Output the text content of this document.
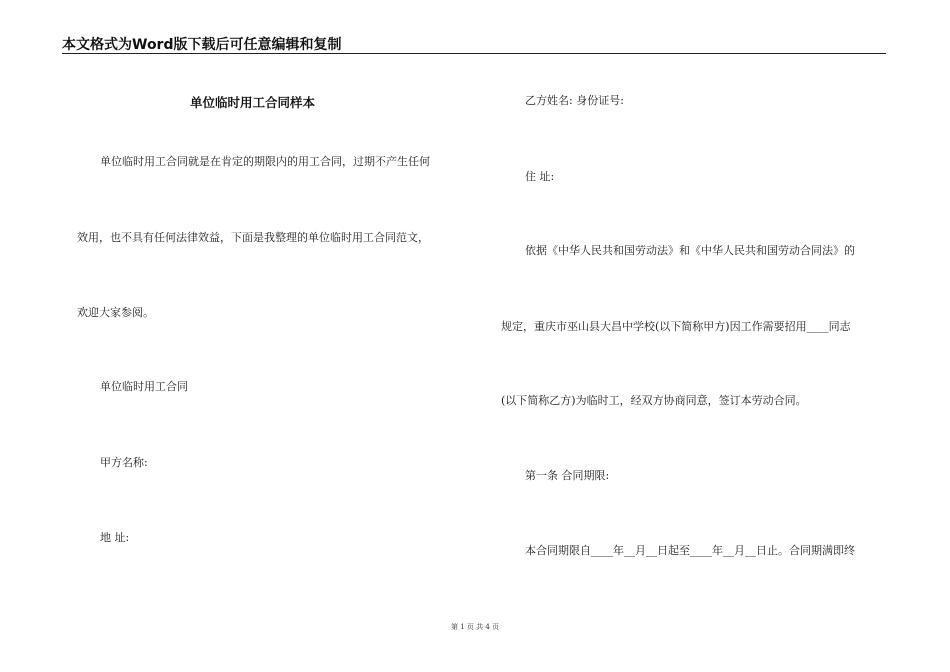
本文格式为Word版下载后可任意编辑和复制
单位临时用工合同样本
单位临时用工合同就是在肯定的期限内的用工合同，过期不产生任何
效用，也不具有任何法律效益，下面是我整理的单位临时用工合同范文，
欢迎大家参阅。
单位临时用工合同
甲方名称:
地 址:
乙方姓名: 身份证号:
住 址:
依据《中华人民共和国劳动法》和《中华人民共和国劳动合同法》的
规定，重庆市巫山县大昌中学校(以下简称甲方)因工作需要招用____同志
(以下简称乙方)为临时工，经双方协商同意，签订本劳动合同。
第一条 合同期限:
本合同期限自____年__月__日起至____年__月__日止。合同期满即终
第 1 页 共 4 页
